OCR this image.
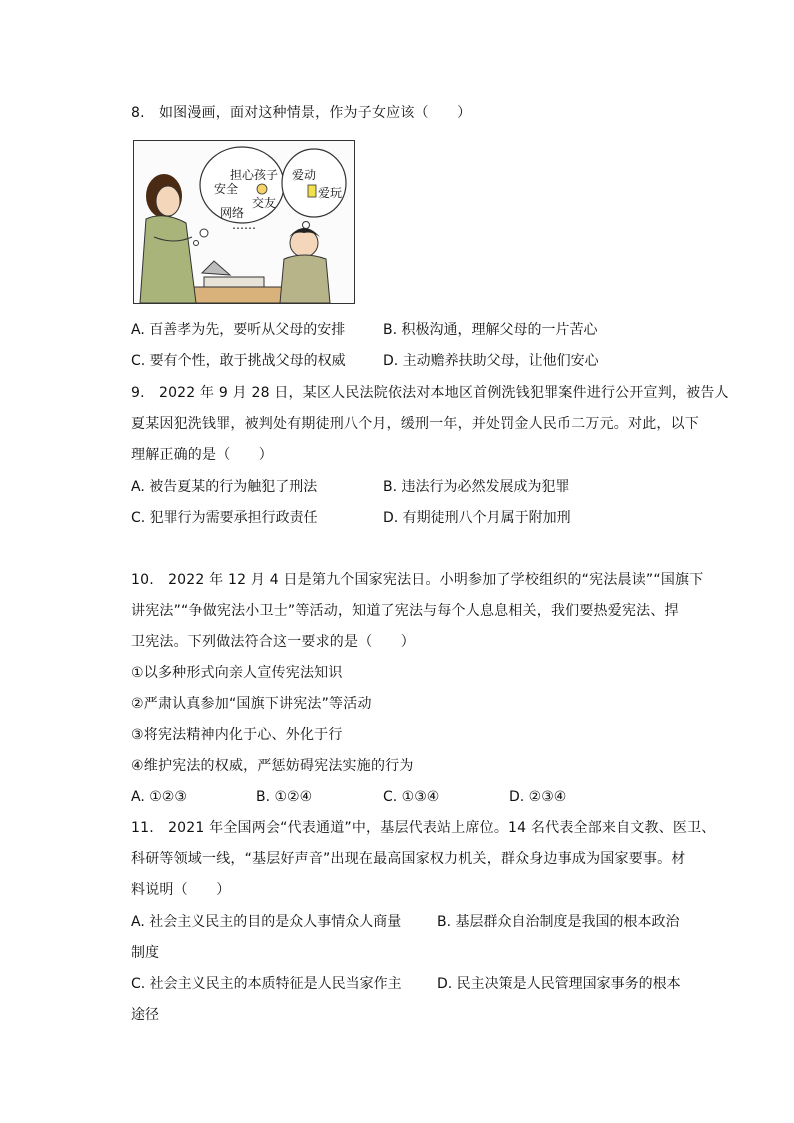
8.　如图漫画，面对这种情景，作为子女应该（　　）
担心孩子
安全
交友
网络
……
爱动
爱玩
A. 百善孝为先，要听从父母的安排	B. 积极沟通，理解父母的一片苦心
C. 要有个性，敢于挑战父母的权威	D. 主动赡养扶助父母，让他们安心
9.　2022 年 9 月 28 日，某区人民法院依法对本地区首例洗钱犯罪案件进行公开宣判，被告人
夏某因犯洗钱罪，被判处有期徒刑八个月，缓刑一年，并处罚金人民币二万元。对此，以下
理解正确的是（　　）
A. 被告夏某的行为触犯了刑法	B. 违法行为必然发展成为犯罪
C. 犯罪行为需要承担行政责任	D. 有期徒刑八个月属于附加刑
10.　2022 年 12 月 4 日是第九个国家宪法日。小明参加了学校组织的“宪法晨读”“国旗下
讲宪法”“争做宪法小卫士”等活动，知道了宪法与每个人息息相关，我们要热爱宪法、捍
卫宪法。下列做法符合这一要求的是（　　）
①以多种形式向亲人宣传宪法知识
②严肃认真参加“国旗下讲宪法”等活动
③将宪法精神内化于心、外化于行
④维护宪法的权威，严惩妨碍宪法实施的行为
A. ①②③	B. ①②④	C. ①③④	D. ②③④
11.　2021 年全国两会“代表通道”中，基层代表站上席位。14 名代表全部来自文教、医卫、
科研等领域一线，“基层好声音”出现在最高国家权力机关，群众身边事成为国家要事。材
料说明（　　）
A. 社会主义民主的目的是众人事情众人商量	B. 基层群众自治制度是我国的根本政治
制度
C. 社会主义民主的本质特征是人民当家作主	D. 民主决策是人民管理国家事务的根本
途径
